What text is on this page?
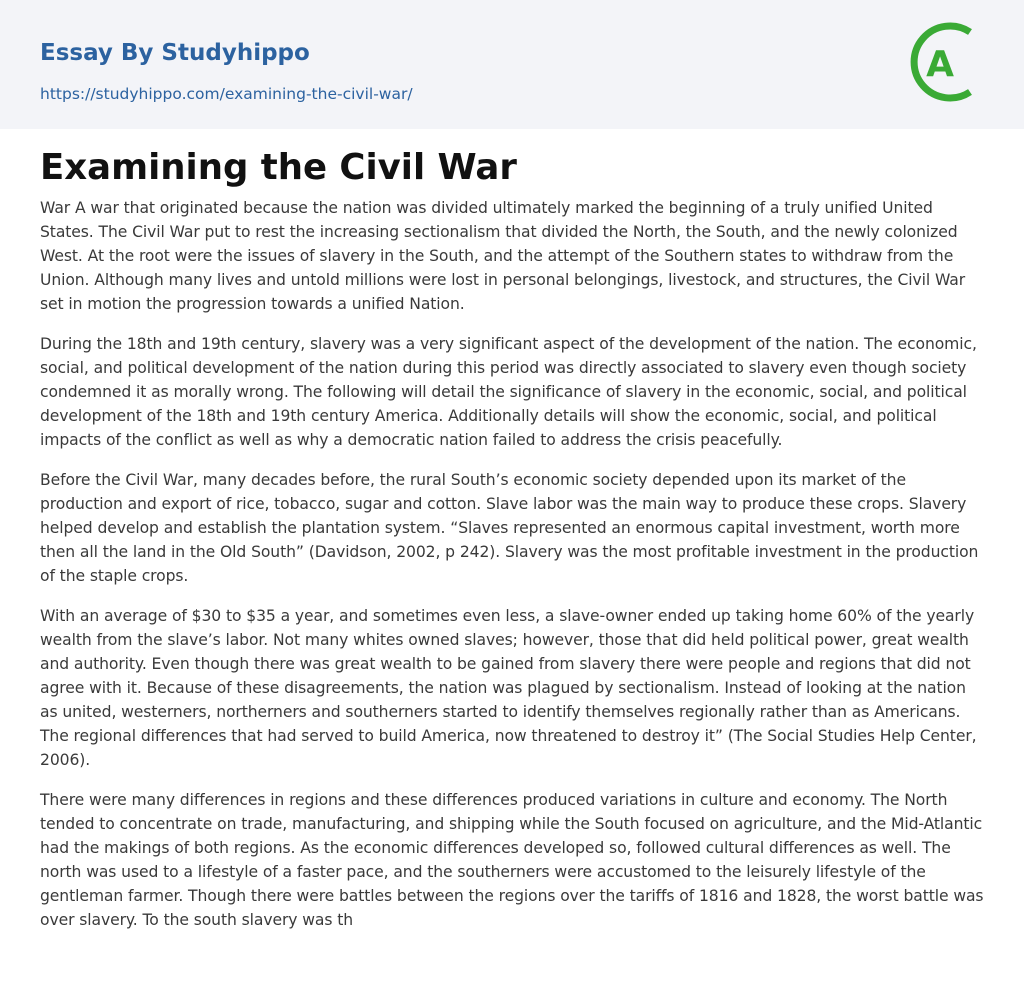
Essay By Studyhippo
https://studyhippo.com/examining-the-civil-war/
A
Examining the Civil War

War A war that originated because the nation was divided ultimately marked the beginning of a truly unified United States. The Civil War put to rest the increasing sectionalism that divided the North, the South, and the newly colonized West. At the root were the issues of slavery in the South, and the attempt of the Southern states to withdraw from the Union. Although many lives and untold millions were lost in personal belongings, livestock, and structures, the Civil War set in motion the progression towards a unified Nation.

During the 18th and 19th century, slavery was a very significant aspect of the development of the nation. The economic, social, and political development of the nation during this period was directly associated to slavery even though society condemned it as morally wrong. The following will detail the significance of slavery in the economic, social, and political development of the 18th and 19th century America. Additionally details will show the economic, social, and political impacts of the conflict as well as why a democratic nation failed to address the crisis peacefully.

Before the Civil War, many decades before, the rural South’s economic society depended upon its market of the production and export of rice, tobacco, sugar and cotton. Slave labor was the main way to produce these crops. Slavery helped develop and establish the plantation system. “Slaves represented an enormous capital investment, worth more then all the land in the Old South” (Davidson, 2002, p 242). Slavery was the most profitable investment in the production of the staple crops.

With an average of $30 to $35 a year, and sometimes even less, a slave-owner ended up taking home 60% of the yearly wealth from the slave’s labor. Not many whites owned slaves; however, those that did held political power, great wealth and authority. Even though there was great wealth to be gained from slavery there were people and regions that did not agree with it. Because of these disagreements, the nation was plagued by sectionalism. Instead of looking at the nation as united, westerners, northerners and southerners started to identify themselves regionally rather than as Americans. The regional differences that had served to build America, now threatened to destroy it” (The Social Studies Help Center, 2006).

There were many differences in regions and these differences produced variations in culture and economy. The North tended to concentrate on trade, manufacturing, and shipping while the South focused on agriculture, and the Mid-Atlantic had the makings of both regions. As the economic differences developed so, followed cultural differences as well. The north was used to a lifestyle of a faster pace, and the southerners were accustomed to the leisurely lifestyle of the gentleman farmer. Though there were battles between the regions over the tariffs of 1816 and 1828, the worst battle was over slavery. To the south slavery was th
